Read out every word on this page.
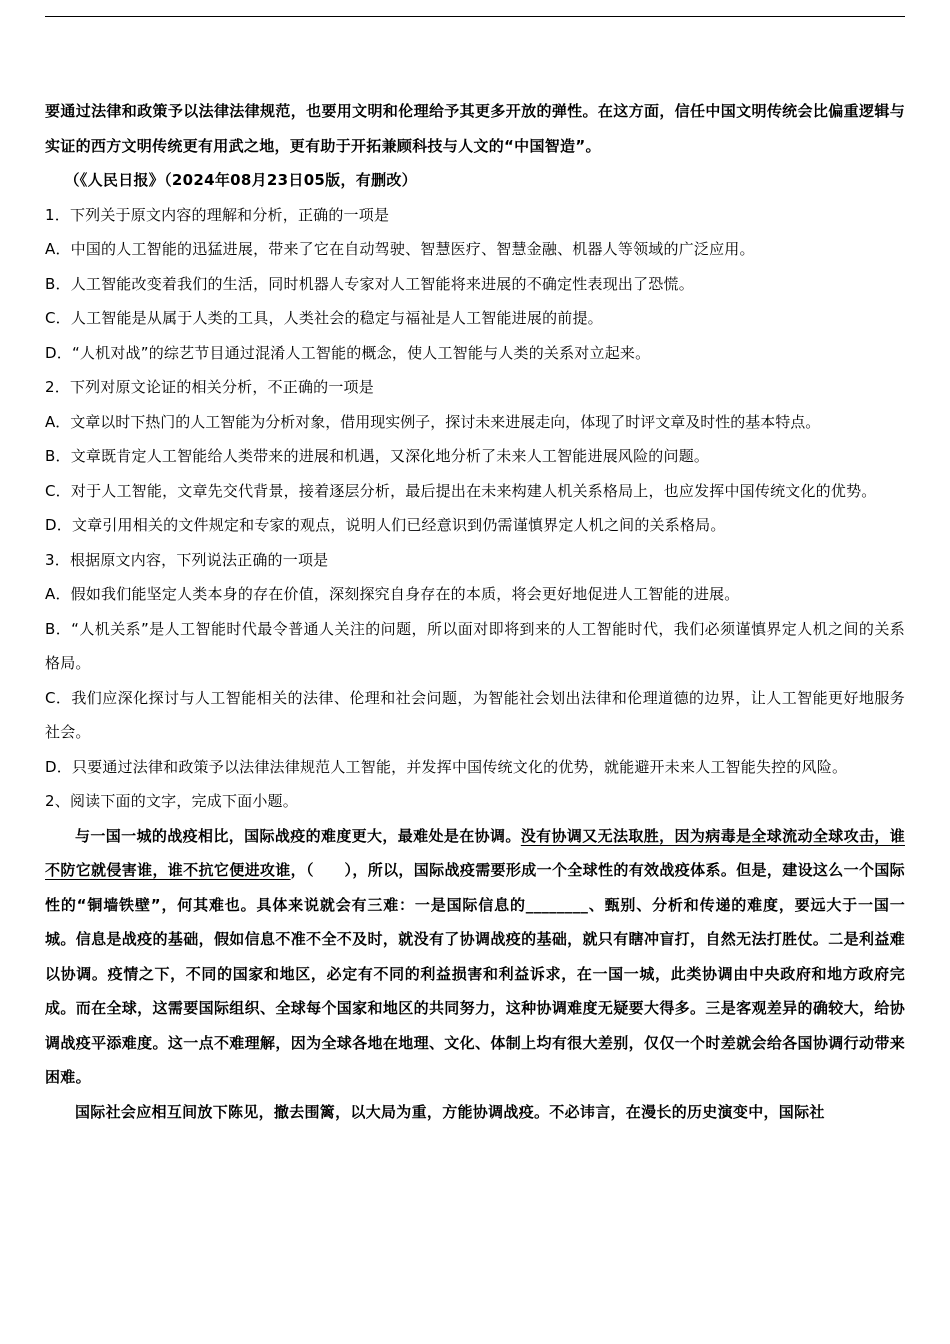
要通过法律和政策予以法律法律规范，也要用文明和伦理给予其更多开放的弹性。在这方面，信任中国文明传统会比偏重逻辑与实证的西方文明传统更有用武之地，更有助于开拓兼顾科技与人文的“中国智造”。

（《人民日报》（2024年08月23日05版，有删改）

1．下列关于原文内容的理解和分析，正确的一项是

A．中国的人工智能的迅猛进展，带来了它在自动驾驶、智慧医疗、智慧金融、机器人等领域的广泛应用。

B．人工智能改变着我们的生活，同时机器人专家对人工智能将来进展的不确定性表现出了恐慌。

C．人工智能是从属于人类的工具，人类社会的稳定与福祉是人工智能进展的前提。

D．“人机对战”的综艺节目通过混淆人工智能的概念，使人工智能与人类的关系对立起来。

2．下列对原文论证的相关分析，不正确的一项是

A．文章以时下热门的人工智能为分析对象，借用现实例子，探讨未来进展走向，体现了时评文章及时性的基本特点。

B．文章既肯定人工智能给人类带来的进展和机遇，又深化地分析了未来人工智能进展风险的问题。

C．对于人工智能，文章先交代背景，接着逐层分析，最后提出在未来构建人机关系格局上，也应发挥中国传统文化的优势。

D．文章引用相关的文件规定和专家的观点，说明人们已经意识到仍需谨慎界定人机之间的关系格局。

3．根据原文内容，下列说法正确的一项是

A．假如我们能坚定人类本身的存在价值，深刻探究自身存在的本质，将会更好地促进人工智能的进展。

B．“人机关系”是人工智能时代最令普通人关注的问题，所以面对即将到来的人工智能时代，我们必须谨慎界定人机之间的关系格局。

C．我们应深化探讨与人工智能相关的法律、伦理和社会问题，为智能社会划出法律和伦理道德的边界，让人工智能更好地服务社会。

D．只要通过法律和政策予以法律法律规范人工智能，并发挥中国传统文化的优势，就能避开未来人工智能失控的风险。

2、阅读下面的文字，完成下面小题。

与一国一城的战疫相比，国际战疫的难度更大，最难处是在协调。没有协调又无法取胜，因为病毒是全球流动全球攻击，谁不防它就侵害谁，谁不抗它便进攻谁，（　　），所以，国际战疫需要形成一个全球性的有效战疫体系。但是，建设这么一个国际性的“铜墙铁壁”，何其难也。具体来说就会有三难：一是国际信息的________、甄别、分析和传递的难度，要远大于一国一城。信息是战疫的基础，假如信息不准不全不及时，就没有了协调战疫的基础，就只有瞎冲盲打，自然无法打胜仗。二是利益难以协调。疫情之下，不同的国家和地区，必定有不同的利益损害和利益诉求，在一国一城，此类协调由中央政府和地方政府完成。而在全球，这需要国际组织、全球每个国家和地区的共同努力，这种协调难度无疑要大得多。三是客观差异的确较大，给协调战疫平添难度。这一点不难理解，因为全球各地在地理、文化、体制上均有很大差别，仅仅一个时差就会给各国协调行动带来困难。

国际社会应相互间放下陈见，撤去围篱，以大局为重，方能协调战疫。不必讳言，在漫长的历史演变中，国际社
